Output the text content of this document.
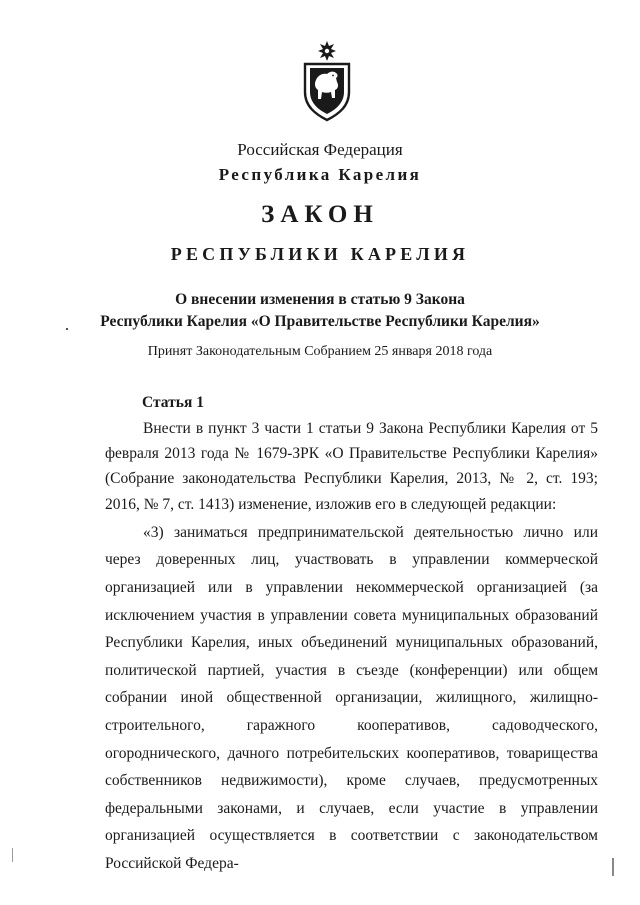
Российская Федерация
Республика Карелия
ЗАКОН
РЕСПУБЛИКИ КАРЕЛИЯ
О внесении изменения в статью 9 Закона
Республики Карелия «О Правительстве Республики Карелия»
Принят Законодательным Собранием 25 января 2018 года
Статья 1

Внести в пункт 3 части 1 статьи 9 Закона Республики Карелия от 5 февраля 2013 года № 1679-ЗРК «О Правительстве Республики Карелия» (Собрание законодательства Республики Карелия, 2013, № 2, ст. 193; 2016, № 7, ст. 1413) изменение, изложив его в следующей редакции:

«3) заниматься предпринимательской деятельностью лично или через доверенных лиц, участвовать в управлении коммерческой организацией или в управлении некоммерческой организацией (за исключением участия в управлении совета муниципальных образований Республики Карелия, иных объединений муниципальных образований, политической партией, участия в съезде (конференции) или общем собрании иной общественной организации, жилищного, жилищно-строительного, гаражного кооперативов, садоводческого, огороднического, дачного потребительских кооперативов, товарищества собственников недвижимости), кроме случаев, предусмотренных федеральными законами, и случаев, если участие в управлении организацией осуществляется в соответствии с законодательством Российской Федера-
